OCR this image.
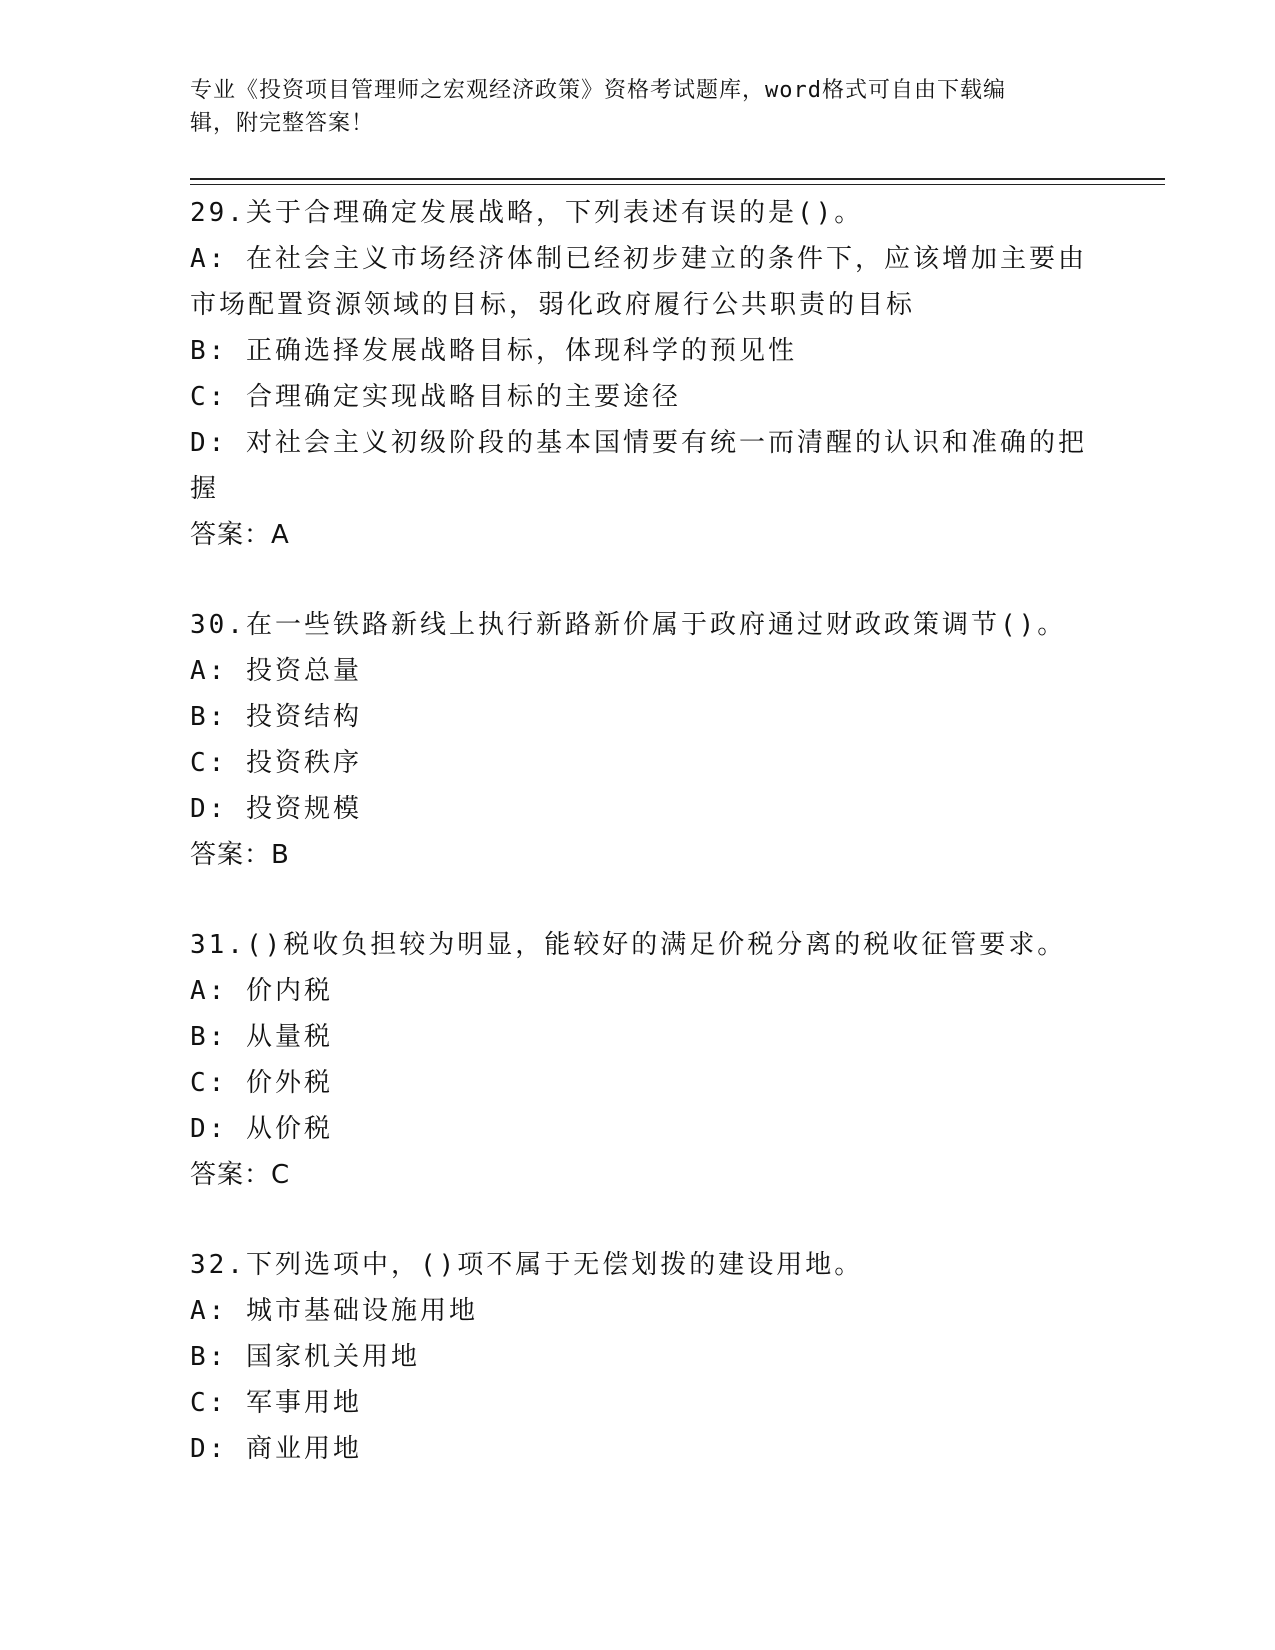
专业《投资项目管理师之宏观经济政策》资格考试题库，word格式可自由下载编
辑，附完整答案！
29.关于合理确定发展战略，下列表述有误的是()。
A: 在社会主义市场经济体制已经初步建立的条件下，应该增加主要由
市场配置资源领域的目标，弱化政府履行公共职责的目标
B: 正确选择发展战略目标，体现科学的预见性
C: 合理确定实现战略目标的主要途径
D: 对社会主义初级阶段的基本国情要有统一而清醒的认识和准确的把
握
答案：A
30.在一些铁路新线上执行新路新价属于政府通过财政政策调节()。
A: 投资总量
B: 投资结构
C: 投资秩序
D: 投资规模
答案：B
31.()税收负担较为明显，能较好的满足价税分离的税收征管要求。
A: 价内税
B: 从量税
C: 价外税
D: 从价税
答案：C
32.下列选项中，()项不属于无偿划拨的建设用地。
A: 城市基础设施用地
B: 国家机关用地
C: 军事用地
D: 商业用地
